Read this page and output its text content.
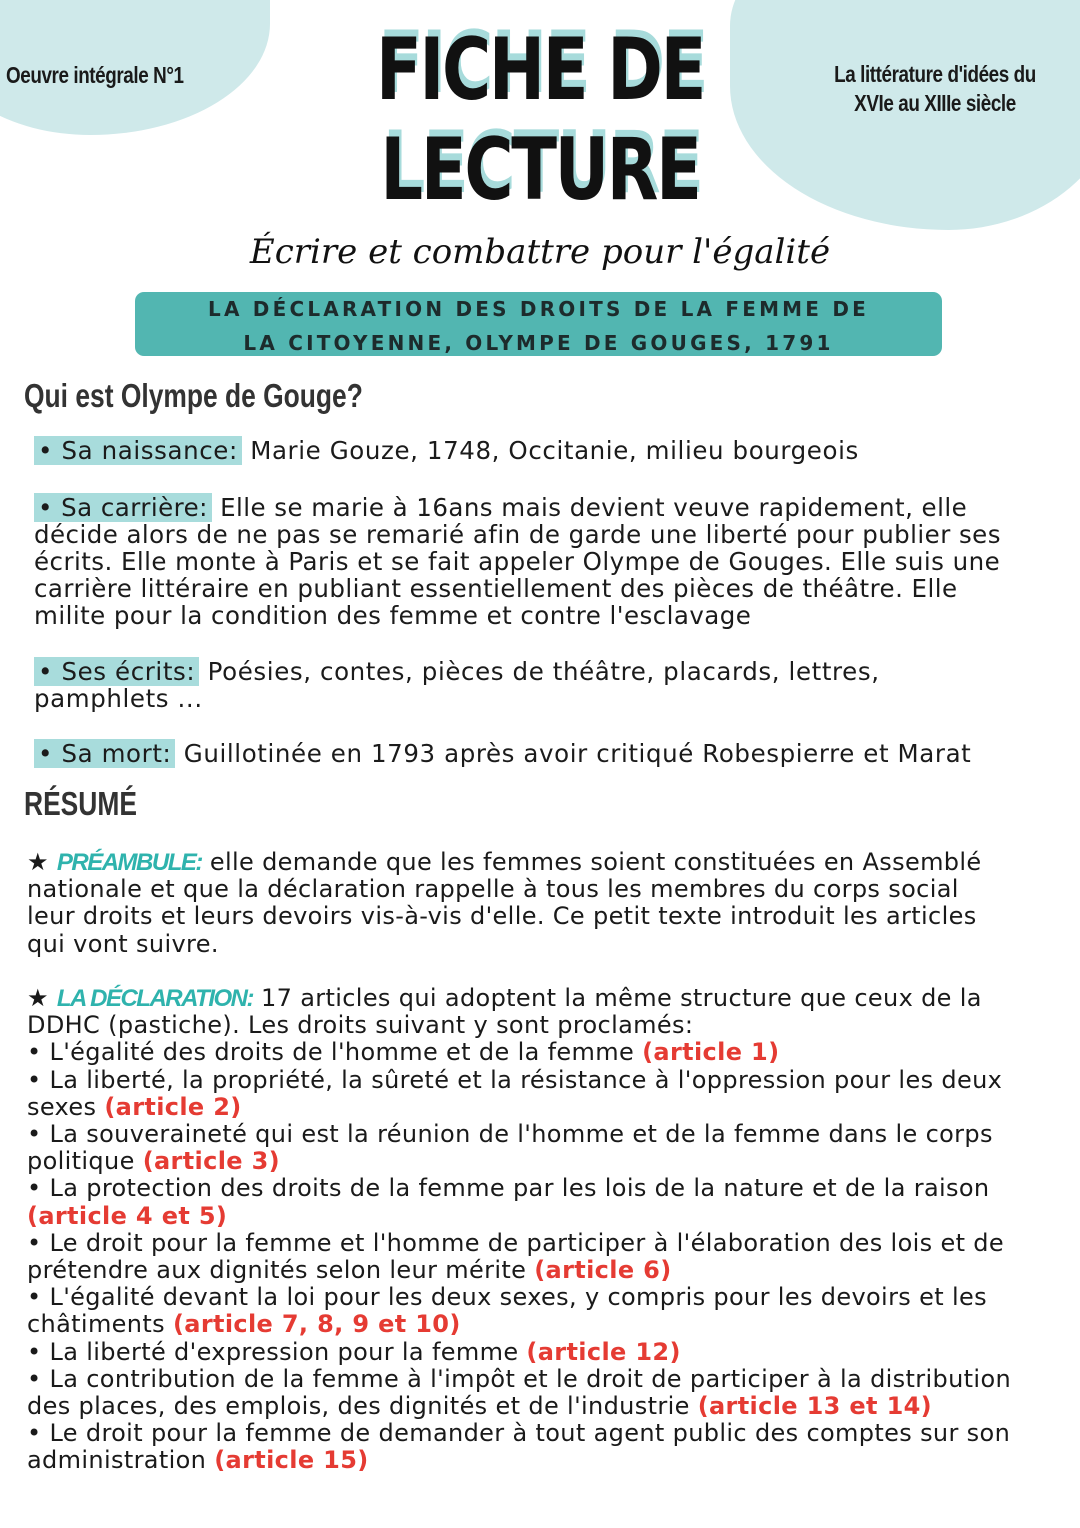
Oeuvre intégrale N°1	La littérature d'idées du
XVIe au XIIIe siècle
FICHE DE
LECTURE
Écrire et combattre pour l'égalité
LA DÉCLARATION DES DROITS DE LA FEMME DE
LA CITOYENNE, OLYMPE DE GOUGES, 1791
Qui est Olympe de Gouge?
• Sa naissance: Marie Gouze, 1748, Occitanie, milieu bourgeois
• Sa carrière: Elle se marie à 16ans mais devient veuve rapidement, elle décide alors de ne pas se remarié afin de garde une liberté pour publier ses écrits. Elle monte à Paris et se fait appeler Olympe de Gouges. Elle suis une carrière littéraire en publiant essentiellement des pièces de théâtre. Elle milite pour la condition des femme et contre l'esclavage
• Ses écrits: Poésies, contes, pièces de théâtre, placards, lettres, pamphlets ...
• Sa mort: Guillotinée en 1793 après avoir critiqué Robespierre et Marat
RÉSUMÉ
★ PRÉAMBULE: elle demande que les femmes soient constituées en Assemblé nationale et que la déclaration rappelle à tous les membres du corps social leur droits et leurs devoirs vis-à-vis d'elle. Ce petit texte introduit les articles qui vont suivre.
★ LA DÉCLARATION: 17 articles qui adoptent la même structure que ceux de la DDHC (pastiche). Les droits suivant y sont proclamés:
• L'égalité des droits de l'homme et de la femme (article 1)
• La liberté, la propriété, la sûreté et la résistance à l'oppression pour les deux sexes (article 2)
• La souveraineté qui est la réunion de l'homme et de la femme dans le corps politique (article 3)
• La protection des droits de la femme par les lois de la nature et de la raison (article 4 et 5)
• Le droit pour la femme et l'homme de participer à l'élaboration des lois et de prétendre aux dignités selon leur mérite (article 6)
• L'égalité devant la loi pour les deux sexes, y compris pour les devoirs et les châtiments (article 7, 8, 9 et 10)
• La liberté d'expression pour la femme (article 12)
• La contribution de la femme à l'impôt et le droit de participer à la distribution des places, des emplois, des dignités et de l'industrie (article 13 et 14)
• Le droit pour la femme de demander à tout agent public des comptes sur son administration (article 15)
